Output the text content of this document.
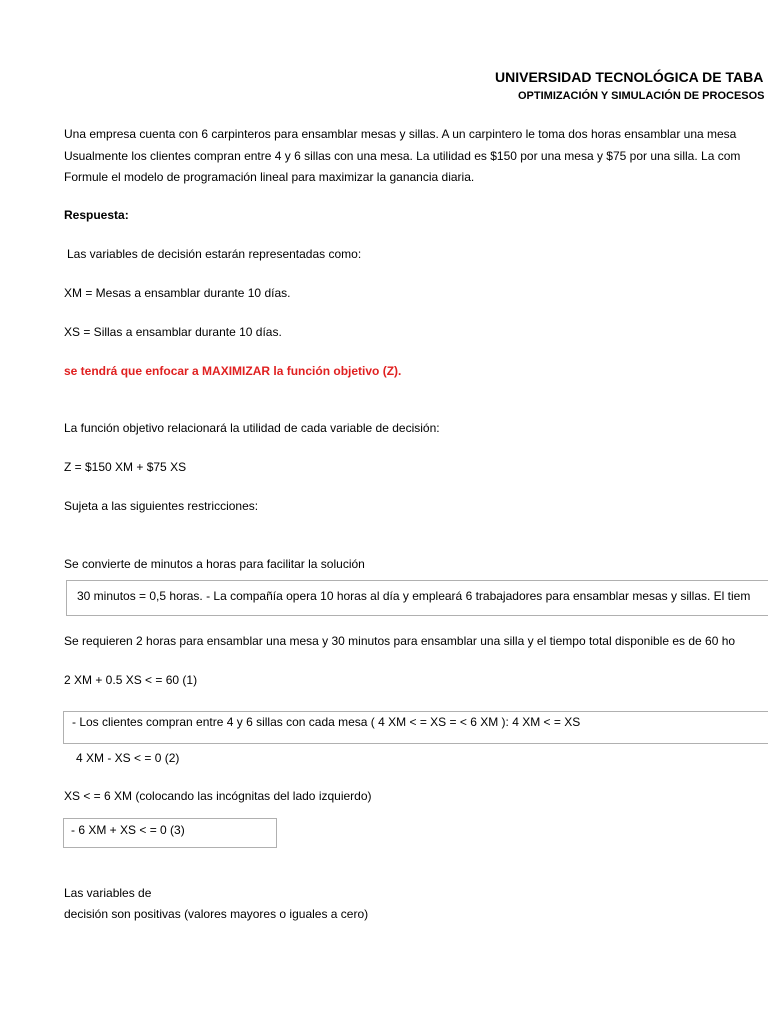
UNIVERSIDAD TECNOLÓGICA DE TABA
OPTIMIZACIÓN Y SIMULACIÓN DE PROCESOS
Una empresa cuenta con 6 carpinteros para ensamblar mesas y sillas. A un carpintero le toma dos horas ensamblar una mesa
Usualmente los clientes compran entre 4 y 6 sillas con una mesa. La utilidad es $150 por una mesa y $75 por una silla. La com
Formule el modelo de programación lineal para maximizar la ganancia diaria.
Respuesta:
Las variables de decisión estarán representadas como:
XM = Mesas a ensamblar durante 10 días.
XS = Sillas a ensamblar durante 10 días.
se tendrá que enfocar a MAXIMIZAR la función objetivo (Z).
La función objetivo relacionará la utilidad de cada variable de decisión:
Z = $150 XM + $75 XS
Sujeta a las siguientes restricciones:
Se convierte de minutos a horas para facilitar la solución
30 minutos = 0,5 horas. - La compañía opera 10 horas al día y empleará 6 trabajadores para ensamblar mesas y sillas. El tiem
Se requieren 2 horas para ensamblar una mesa y 30 minutos para ensamblar una silla y el tiempo total disponible es de 60 ho
2 XM + 0.5 XS < = 60 (1)
- Los clientes compran entre 4 y 6 sillas con cada mesa ( 4 XM < = XS = < 6 XM ): 4 XM < = XS
4 XM - XS < = 0 (2)
XS < = 6 XM (colocando las incógnitas del lado izquierdo)
- 6 XM + XS < = 0 (3)
Las variables de
decisión son positivas (valores mayores o iguales a cero)
